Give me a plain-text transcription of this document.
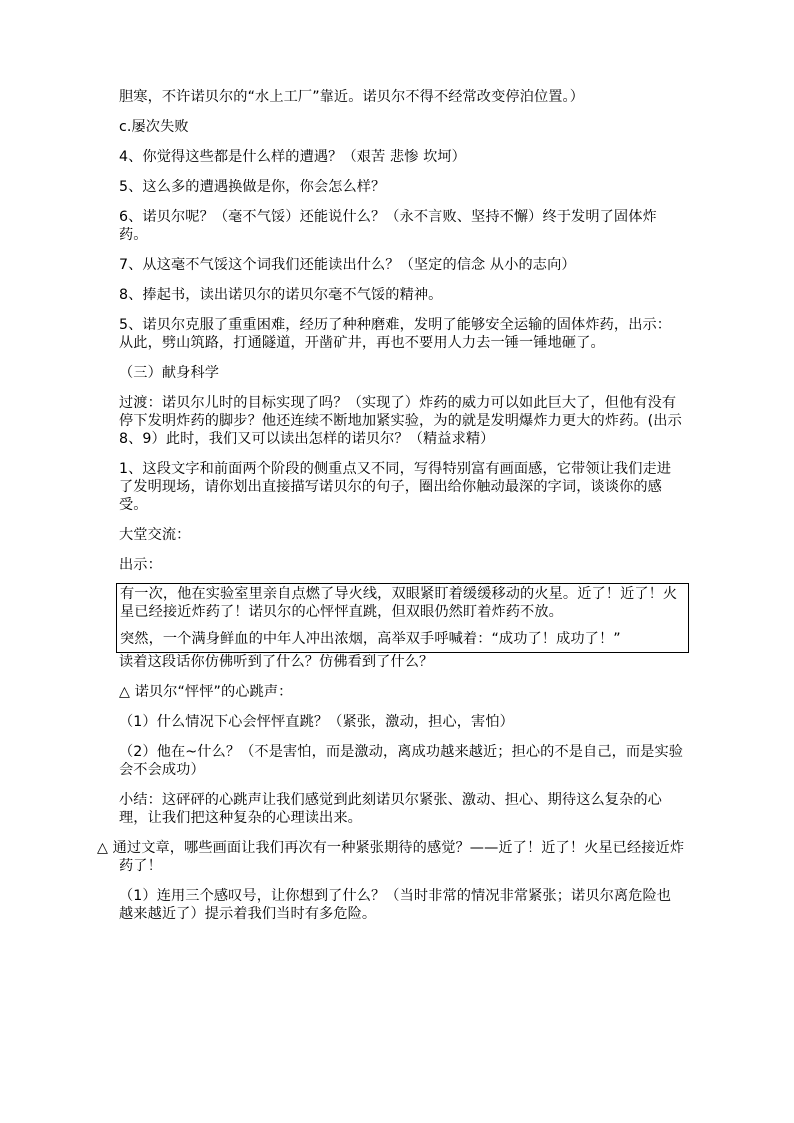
胆寒，不许诺贝尔的“水上工厂”靠近。诺贝尔不得不经常改变停泊位置。）

c.屡次失败

4、你觉得这些都是什么样的遭遇？（艰苦 悲惨 坎坷）

5、这么多的遭遇换做是你，你会怎么样？

6、诺贝尔呢？（毫不气馁）还能说什么？（永不言败、坚持不懈）终于发明了固体炸药。

7、从这毫不气馁这个词我们还能读出什么？（坚定的信念 从小的志向）

8、捧起书，读出诺贝尔的诺贝尔毫不气馁的精神。

5、诺贝尔克服了重重困难，经历了种种磨难，发明了能够安全运输的固体炸药，出示：从此，劈山筑路，打通隧道，开凿矿井，再也不要用人力去一锤一锤地砸了。

（三）献身科学

过渡：诺贝尔儿时的目标实现了吗？（实现了）炸药的威力可以如此巨大了，但他有没有停下发明炸药的脚步？他还连续不断地加紧实验，为的就是发明爆炸力更大的炸药。(出示 8、9）此时，我们又可以读出怎样的诺贝尔？（精益求精）

1、这段文字和前面两个阶段的侧重点又不同，写得特别富有画面感，它带领让我们走进了发明现场，请你划出直接描写诺贝尔的句子，圈出给你触动最深的字词，谈谈你的感受。

大堂交流：

出示：

有一次，他在实验室里亲自点燃了导火线，双眼紧盯着缓缓移动的火星。近了！近了！火星已经接近炸药了！诺贝尔的心怦怦直跳，但双眼仍然盯着炸药不放。

突然，一个满身鲜血的中年人冲出浓烟，高举双手呼喊着：“成功了！成功了！”

读着这段话你仿佛听到了什么？仿佛看到了什么？

△ 诺贝尔“怦怦”的心跳声：

（1）什么情况下心会怦怦直跳？（紧张，激动，担心，害怕）

（2）他在~什么？（不是害怕，而是激动，离成功越来越近；担心的不是自己，而是实验会不会成功）

小结：这砰砰的心跳声让我们感觉到此刻诺贝尔紧张、激动、担心、期待这么复杂的心理，让我们把这种复杂的心理读出来。

△ 通过文章，哪些画面让我们再次有一种紧张期待的感觉？——近了！近了！火星已经接近炸药了！

（1）连用三个感叹号，让你想到了什么？（当时非常的情况非常紧张；诺贝尔离危险也越来越近了）提示着我们当时有多危险。
